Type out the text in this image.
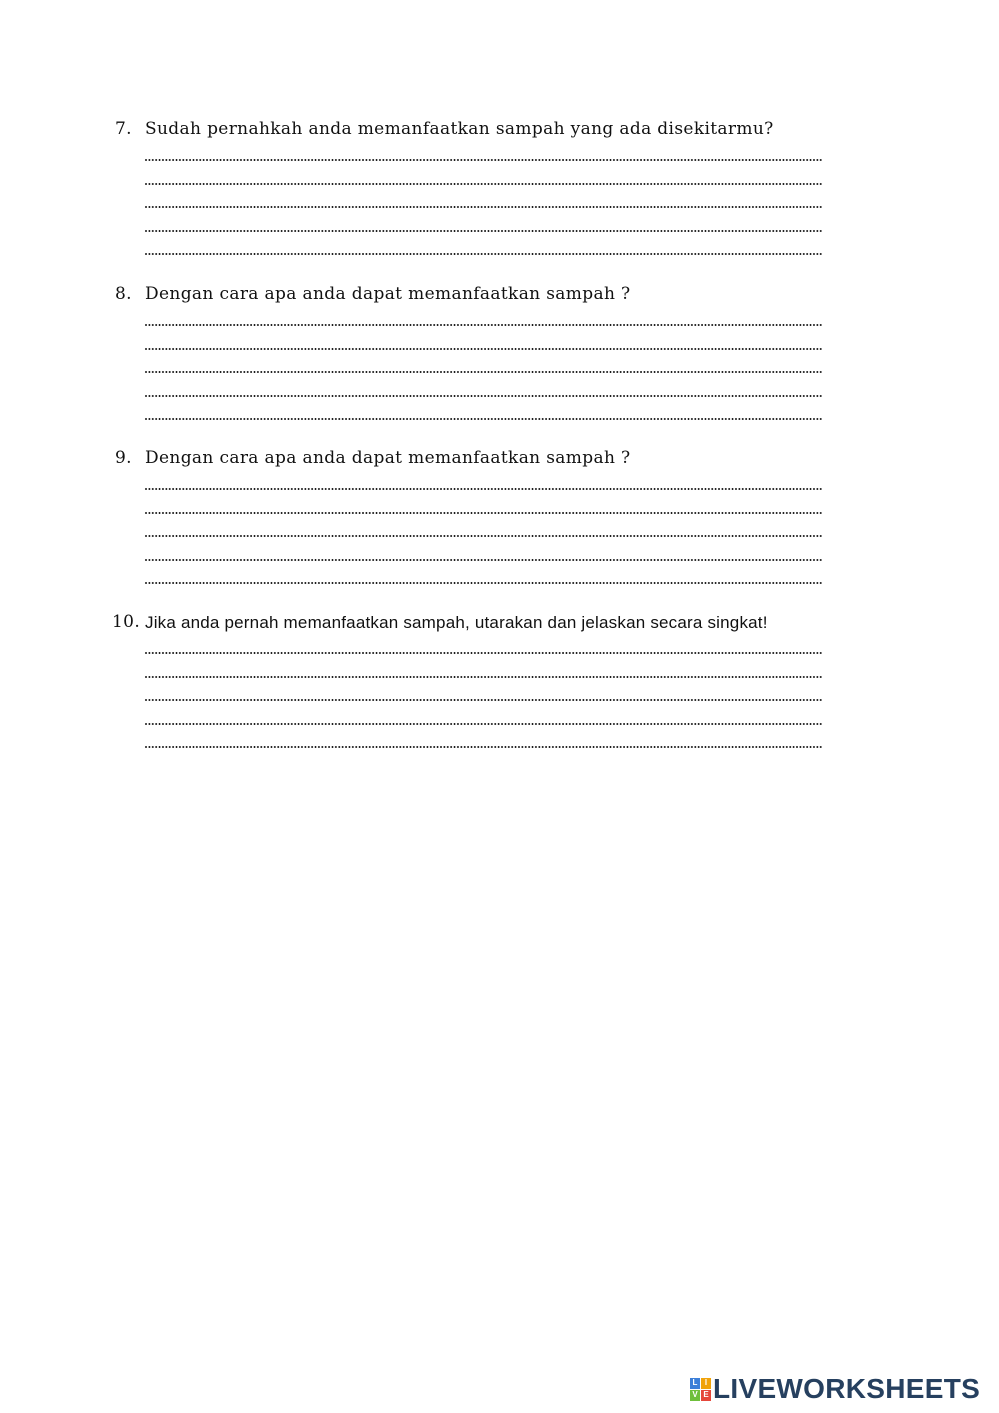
7. Sudah pernahkah anda memanfaatkan sampah yang ada disekitarmu?
8. Dengan cara apa anda dapat memanfaatkan sampah ?
9. Dengan cara apa anda dapat memanfaatkan sampah ?
10. Jika anda pernah memanfaatkan sampah, utarakan dan jelaskan secara singkat!
L I
V E LIVEWORKSHEETS
